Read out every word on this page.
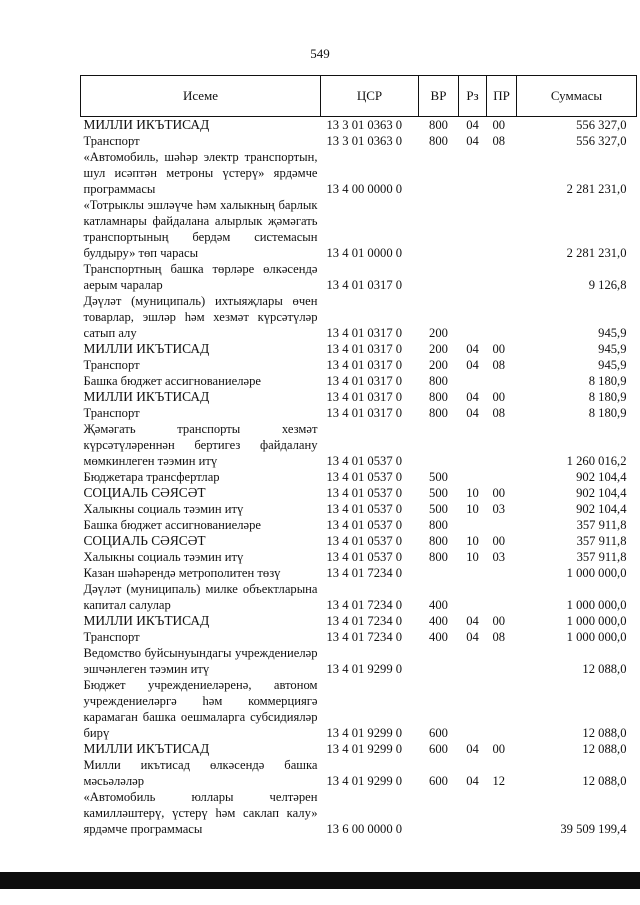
549
Исеме	ЦСР	ВР	Рз	ПР	Суммасы
МИЛЛИ ИКЪТИСАД	13 3 01 0363 0	800	04	00	556 327,0
Транспорт	13 3 01 0363 0	800	04	08	556 327,0
«Автомобиль, шәһәр электр транспортын, шул исәптән метроны үстерү» ярдәмче программасы	13 4 00 0000 0				2 281 231,0
«Тотрыклы эшләүче һәм халыкның барлык катламнары файдалана алырлык җәмәгать транспортының бердәм системасын булдыру» төп чарасы	13 4 01 0000 0				2 281 231,0
Транспортның башка төрләре өлкәсендә аерым чаралар	13 4 01 0317 0				9 126,8
Дәүләт (муниципаль) ихтыяҗлары өчен товарлар, эшләр һәм хезмәт күрсәтүләр сатып алу	13 4 01 0317 0	200			945,9
МИЛЛИ ИКЪТИСАД	13 4 01 0317 0	200	04	00	945,9
Транспорт	13 4 01 0317 0	200	04	08	945,9
Башка бюджет ассигнованиеләре	13 4 01 0317 0	800			8 180,9
МИЛЛИ ИКЪТИСАД	13 4 01 0317 0	800	04	00	8 180,9
Транспорт	13 4 01 0317 0	800	04	08	8 180,9
Җәмәгать транспорты хезмәт күрсәтүләреннән бертигез файдалану мөмкинлеген тәэмин итү	13 4 01 0537 0				1 260 016,2
Бюджетара трансфертлар	13 4 01 0537 0	500			902 104,4
СОЦИАЛЬ СӘЯСӘТ	13 4 01 0537 0	500	10	00	902 104,4
Халыкны социаль тәэмин итү	13 4 01 0537 0	500	10	03	902 104,4
Башка бюджет ассигнованиеләре	13 4 01 0537 0	800			357 911,8
СОЦИАЛЬ СӘЯСӘТ	13 4 01 0537 0	800	10	00	357 911,8
Халыкны социаль тәэмин итү	13 4 01 0537 0	800	10	03	357 911,8
Казан шәһәрендә метрополитен төзү	13 4 01 7234 0				1 000 000,0
Дәүләт (муниципаль) милке объектларына капитал салулар	13 4 01 7234 0	400			1 000 000,0
МИЛЛИ ИКЪТИСАД	13 4 01 7234 0	400	04	00	1 000 000,0
Транспорт	13 4 01 7234 0	400	04	08	1 000 000,0
Ведомство буйсынуындагы учреждениеләр эшчәнлеген тәэмин итү	13 4 01 9299 0				12 088,0
Бюджет учреждениеләренә, автоном учреждениеләргә һәм коммерциягә карамаган башка оешмаларга субсидияләр бирү	13 4 01 9299 0	600			12 088,0
МИЛЛИ ИКЪТИСАД	13 4 01 9299 0	600	04	00	12 088,0
Милли икътисад өлкәсендә башка мәсьәләләр	13 4 01 9299 0	600	04	12	12 088,0
«Автомобиль юллары челтәрен камилләштерү, үстерү һәм саклап калу» ярдәмче программасы	13 6 00 0000 0				39 509 199,4
